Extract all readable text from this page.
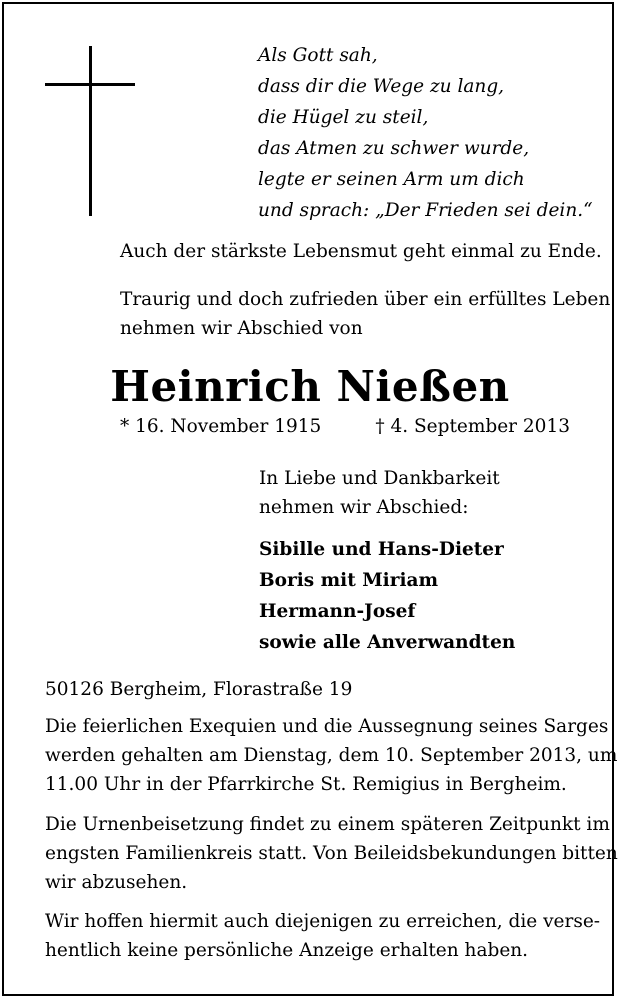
Als Gott sah,
dass dir die Wege zu lang,
die Hügel zu steil,
das Atmen zu schwer wurde,
legte er seinen Arm um dich
und sprach: „Der Frieden sei dein.“
Auch der stärkste Lebensmut geht einmal zu Ende.
Traurig und doch zufrieden über ein erfülltes Leben
nehmen wir Abschied von
Heinrich Nießen
* 16. November 1915	† 4. September 2013
In Liebe und Dankbarkeit
nehmen wir Abschied:
Sibille und Hans-Dieter
Boris mit Miriam
Hermann-Josef
sowie alle Anverwandten
50126 Bergheim, Florastraße 19
Die feierlichen Exequien und die Aussegnung seines Sarges
werden gehalten am Dienstag, dem 10. September 2013, um
11.00 Uhr in der Pfarrkirche St. Remigius in Bergheim.
Die Urnenbeisetzung findet zu einem späteren Zeitpunkt im
engsten Familienkreis statt. Von Beileidsbekundungen bitten
wir abzusehen.
Wir hoffen hiermit auch diejenigen zu erreichen, die verse-
hentlich keine persönliche Anzeige erhalten haben.
